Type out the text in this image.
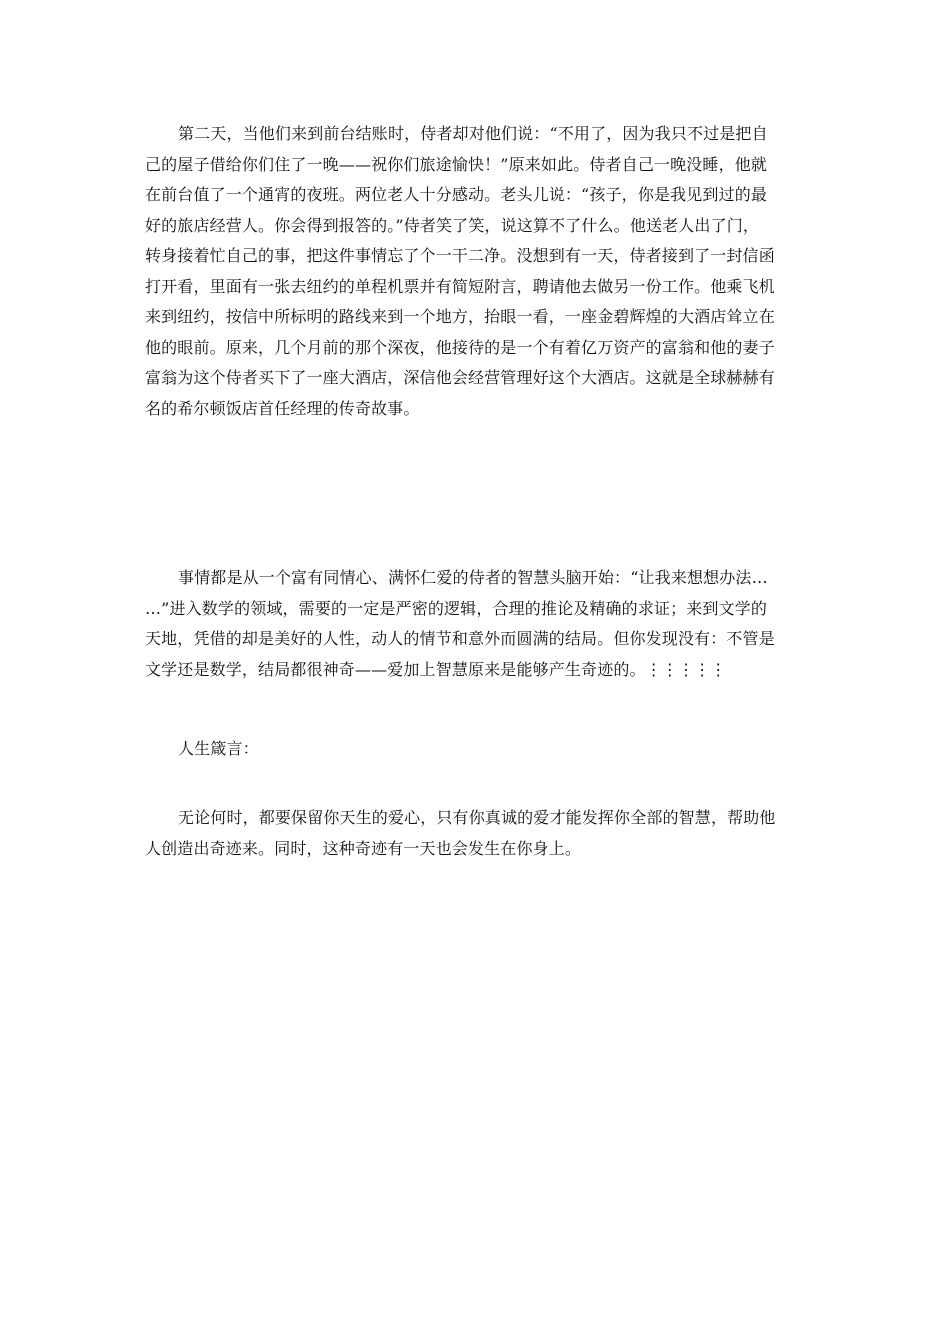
第二天，当他们来到前台结账时，侍者却对他们说：“不用了，因为我只不过是把自
己的屋子借给你们住了一晚——祝你们旅途愉快！”原来如此。侍者自己一晚没睡，他就
在前台值了一个通宵的夜班。两位老人十分感动。老头儿说：“孩子，你是我见到过的最
好的旅店经营人。你会得到报答的。”侍者笑了笑，说这算不了什么。他送老人出了门，
转身接着忙自己的事，把这件事情忘了个一干二净。没想到有一天，侍者接到了一封信函
打开看，里面有一张去纽约的单程机票并有简短附言，聘请他去做另一份工作。他乘飞机
来到纽约，按信中所标明的路线来到一个地方，抬眼一看，一座金碧辉煌的大酒店耸立在
他的眼前。原来，几个月前的那个深夜，他接待的是一个有着亿万资产的富翁和他的妻子
富翁为这个侍者买下了一座大酒店，深信他会经营管理好这个大酒店。这就是全球赫赫有
名的希尔顿饭店首任经理的传奇故事。
事情都是从一个富有同情心、满怀仁爱的侍者的智慧头脑开始：“让我来想想办法…
…”进入数学的领域，需要的一定是严密的逻辑，合理的推论及精确的求证；来到文学的
天地，凭借的却是美好的人性，动人的情节和意外而圆满的结局。但你发现没有：不管是
文学还是数学，结局都很神奇——爱加上智慧原来是能够产生奇迹的。⋮⋮⋮⋮⋮
人生箴言：
无论何时，都要保留你天生的爱心，只有你真诚的爱才能发挥你全部的智慧，帮助他
人创造出奇迹来。同时，这种奇迹有一天也会发生在你身上。
